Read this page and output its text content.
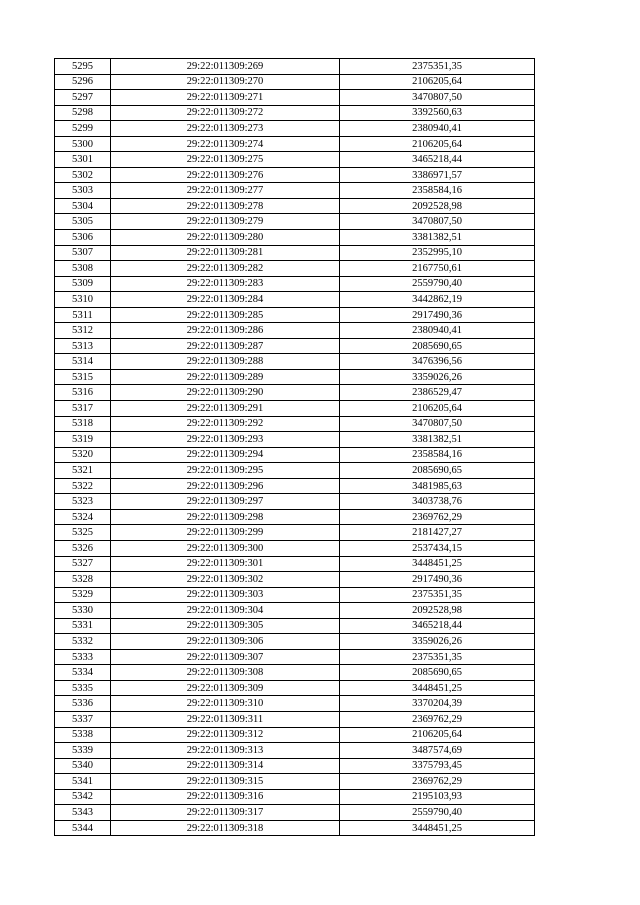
5295	29:22:011309:269	2375351,35
5296	29:22:011309:270	2106205,64
5297	29:22:011309:271	3470807,50
5298	29:22:011309:272	3392560,63
5299	29:22:011309:273	2380940,41
5300	29:22:011309:274	2106205,64
5301	29:22:011309:275	3465218,44
5302	29:22:011309:276	3386971,57
5303	29:22:011309:277	2358584,16
5304	29:22:011309:278	2092528,98
5305	29:22:011309:279	3470807,50
5306	29:22:011309:280	3381382,51
5307	29:22:011309:281	2352995,10
5308	29:22:011309:282	2167750,61
5309	29:22:011309:283	2559790,40
5310	29:22:011309:284	3442862,19
5311	29:22:011309:285	2917490,36
5312	29:22:011309:286	2380940,41
5313	29:22:011309:287	2085690,65
5314	29:22:011309:288	3476396,56
5315	29:22:011309:289	3359026,26
5316	29:22:011309:290	2386529,47
5317	29:22:011309:291	2106205,64
5318	29:22:011309:292	3470807,50
5319	29:22:011309:293	3381382,51
5320	29:22:011309:294	2358584,16
5321	29:22:011309:295	2085690,65
5322	29:22:011309:296	3481985,63
5323	29:22:011309:297	3403738,76
5324	29:22:011309:298	2369762,29
5325	29:22:011309:299	2181427,27
5326	29:22:011309:300	2537434,15
5327	29:22:011309:301	3448451,25
5328	29:22:011309:302	2917490,36
5329	29:22:011309:303	2375351,35
5330	29:22:011309:304	2092528,98
5331	29:22:011309:305	3465218,44
5332	29:22:011309:306	3359026,26
5333	29:22:011309:307	2375351,35
5334	29:22:011309:308	2085690,65
5335	29:22:011309:309	3448451,25
5336	29:22:011309:310	3370204,39
5337	29:22:011309:311	2369762,29
5338	29:22:011309:312	2106205,64
5339	29:22:011309:313	3487574,69
5340	29:22:011309:314	3375793,45
5341	29:22:011309:315	2369762,29
5342	29:22:011309:316	2195103,93
5343	29:22:011309:317	2559790,40
5344	29:22:011309:318	3448451,25
